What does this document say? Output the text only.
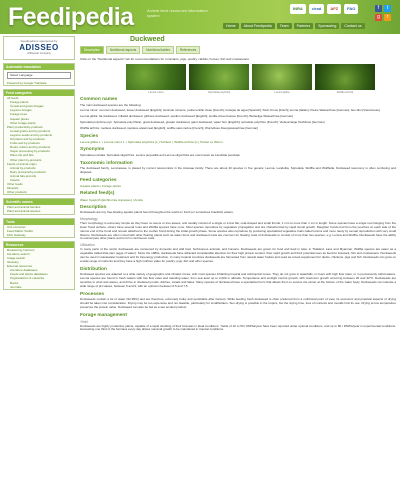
Feedipedia	Animal feed resources information system
INRA	cirad	AFZ	FAO	f	t
g	r
Home	About Feedipedia	Team	Partners	Sponsoring	Contact us
Feedipedia is sponsored by
ADISSEO
A Bluestar Company
Automatic translation
Select Language
Powered by Google Translate
Feed categories
All feeds
Forage plants
Cereal and grass forages
Legume forages
Forage trees
Aquatic plants
Other forage plants
Plant products/by-products
Cereal grains and by-products
Legume seeds and by-products
Oil plants and by-products
Fruits and by-products
Roots, tubers and by-products
Sugar processing by-products
Plant oils and fats
Other plant by-products
Feeds of animal origin
Animal by-products
Dairy products/by-products
Animal fats and oils
Insects
Other feeds
Minerals
Other products
Scientific names
Plant and animal families
Plant and animal species
Tools
Unit converter
Feed Ration Toolkit
FAO Gateway
Resources
Broadening horizons
Literature search
Image search
Glossary
External resources
Literature databases
Feeds and plants databases
Organisations & networks
Books
Journals
Duckweed
Description	Nutritional aspects	Nutritional tables	References
Click on the "Nutritional aspects" tab for recommendations for ruminants, pigs, poultry, rabbits, horses, fish and crustaceans
Lemna minor	Spirodela polyrhiza	Lemna gibba	Wolffia arrhiza
Common names
The main duckweed species are the following:
Lemna minor: common duckweed, lesser duckweed [English]; lenticule mineure, petite lentille d'eau [French]; lentejas de agua [Spanish]; Klein Kroos [Dutch]; lemna [Italian]; Kleine Wasserlinse [German]; bèo tấm [Vietnamese]
Lemna gibba: fat duckweed, inflated duckweed, gibbous duckweed, swollen duckweed [English]; lentille d'eau bossue [French]; Buckelige Wasserlinse [German]
Spirodela polyrhiza (syn. Spirodela polyrrhiza): great duckweed, greater duckweed, giant duckweed, water fern [English]; spirodèle polyrhize [French]; Vielwurzelige Teichlinse [German]
Wolffia arrhiza: rootless duckweed, spotless watermeal [English]; wolffie sans racine [French]; Wurzellose Zwergwasserlinse [German]
Species
Lemna gibba L. | Lemna minor L. | Spirodela polyrhiza (L.) Schleid. | Wolffia arrhiza (L.) Horkel ex Wimm.
Synonyms
Spirodela punctata, Spirodela oligorrhiza, Lemna perpusilla and Lemna oligorrhiza are now known as Landoltia punctata.
Taxonomic information
The duckweed family, Lemnaceae, is placed by current taxonomists in the Araceae family. There are about 40 species in five genera: Lemna, Landoltia, Spirodela, Wolffia and Wolffiella. Duckweed taxonomy is often confusing and disputed.
Feed categories
Aquatic plants | Forage plants
Related feed(s)
Water hyacinth (Eichhornia crassipes) | Azolla
Description
Duckweeds are tiny free-floating aquatic plants found throughout the world on fresh (or sometimes brackish) waters.
Morphology
Their morphology is extremely simple as they have no stems or true leaves, and usually consist of a single or a few flat, oval-shaped and small fronds, 1 mm to more than 1 cm in length. Some species have a single root hanging from the lower frond surface, others have several roots and Wolffia species have none. Most species reproduce by vegetative propagation and are characterized by rapid clonal growth. Daughter fronds bud from the pouches on each side of the narrow end of the frond and remain attached to the mother frond during the initial growth phase. Some species also reproduce by producing specialized vegetative buds called turions and more rarely by sexual reproduction with very small flowers. Duckweeds are often mixed with other floating plants such as water ferns and duckweed mats are common for floating mats of duckweeds to consist of more than two species, e.g. Lemna and Wolffia. Duckweeds have the ability to outcompete other plants and to form continuous mats.
Utilisation
In many parts of the world, duckweeds are consumed by domestic and wild fowl, herbivorous animals, and humans. Duckweeds are grown for food and feed in Asia: in Thailand, Laos and Myanmar, Wolffia species are eaten as a vegetable called khai-nam (eggs of water). Since the 1980s, duckweeds have attracted considerable attention for their high protein content, their rapid growth and their potential uses as feed for livestock, fish and crustaceans. Duckweeds can be used in wastewater treatment and for bioenergy production. In many tropical countries duckweeds are harvested from natural water bodies and used as a feed supplement for ducks, chickens, pigs and fish. Duckweeds can grow on a wide range of nutrients and they have a high nutritive value for poultry, pigs, fish and other species.
Distribution
Duckweed species are adapted to a wide variety of geographic and climatic zones, with most species inhabiting tropical and subtropical zones. They do not grow in waterfalls, in rivers with high flow rates, or in permanently turbid waters. Lemna species are found in fresh waters with low flow rates and standing water, from sea level up to 2,000 m altitude. Temperature and sunlight control growth, with maximum growth occurring between 20 and 30°C. Duckweeds are sensitive to wind and waves, and thrive in sheltered ponds, ditches, canals and lakes. Many species of duckweed have a specialized form that allows them to survive the winter at the bottom of the water body. Duckweeds can tolerate a wide range of pH values, between 5 and 9, with an optimum between 6.5 and 7.5.
Processes
Duckweeds contain a lot of water (92-95%) and are therefore, extremely bulky and perishable after harvest. While feeding fresh duckweed is often preferred from a nutritional point of view, its economic and practical aspects of drying should be taken into consideration. Drying may be too expensive and not feasible, particularly for smallholders. Sun-drying is possible in the tropics, but the drying time, loss of nutrients and moulds limit its use. Drying at low temperature preserves the protein value. Duckweed can also be fed as a wet ensiled product.
Forage management
Yield
Duckweeds are highly productive plants, capable of a rapid doubling of their biomass in ideal conditions. Yields of 10 to 50 t DM/ha/year have been reported under optimal conditions, and up to 80 t DM/ha/year in experimental conditions. Harvesting one third of the biomass every day allows maximal growth to be maintained in tropical conditions.
